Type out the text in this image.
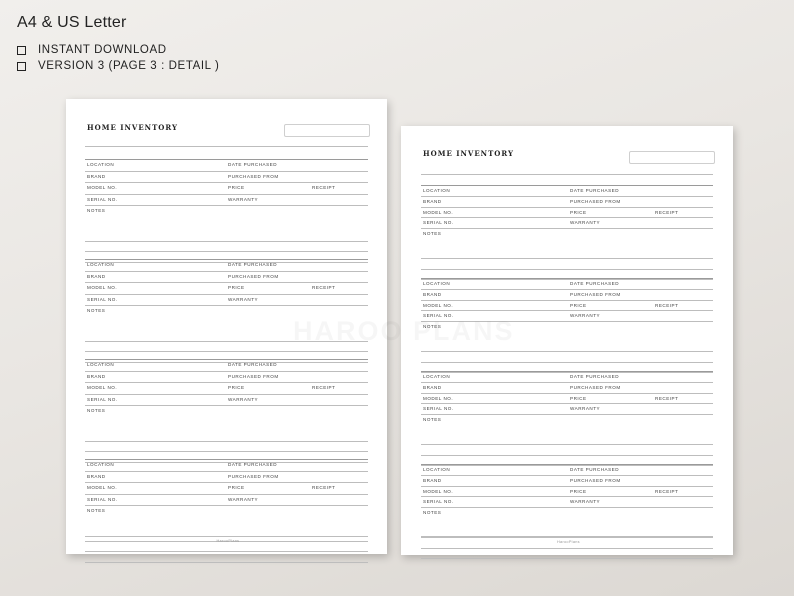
A4 & US Letter
INSTANT DOWNLOAD
VERSION 3 (PAGE 3 : DETAIL )
HOME INVENTORY
LOCATION	DATE PURCHASED
BRAND	PURCHASED FROM
MODEL NO.	PRICE	RECEIPT
SERIAL NO.	WARRANTY
NOTES
LOCATION	DATE PURCHASED
BRAND	PURCHASED FROM
MODEL NO.	PRICE	RECEIPT
SERIAL NO.	WARRANTY
NOTES
LOCATION	DATE PURCHASED
BRAND	PURCHASED FROM
MODEL NO.	PRICE	RECEIPT
SERIAL NO.	WARRANTY
NOTES
LOCATION	DATE PURCHASED
BRAND	PURCHASED FROM
MODEL NO.	PRICE	RECEIPT
SERIAL NO.	WARRANTY
NOTES
HarooPlans
HOME INVENTORY
LOCATION	DATE PURCHASED
BRAND	PURCHASED FROM
MODEL NO.	PRICE	RECEIPT
SERIAL NO.	WARRANTY
NOTES
LOCATION	DATE PURCHASED
BRAND	PURCHASED FROM
MODEL NO.	PRICE	RECEIPT
SERIAL NO.	WARRANTY
NOTES
LOCATION	DATE PURCHASED
BRAND	PURCHASED FROM
MODEL NO.	PRICE	RECEIPT
SERIAL NO.	WARRANTY
NOTES
LOCATION	DATE PURCHASED
BRAND	PURCHASED FROM
MODEL NO.	PRICE	RECEIPT
SERIAL NO.	WARRANTY
NOTES
HarooPlans
